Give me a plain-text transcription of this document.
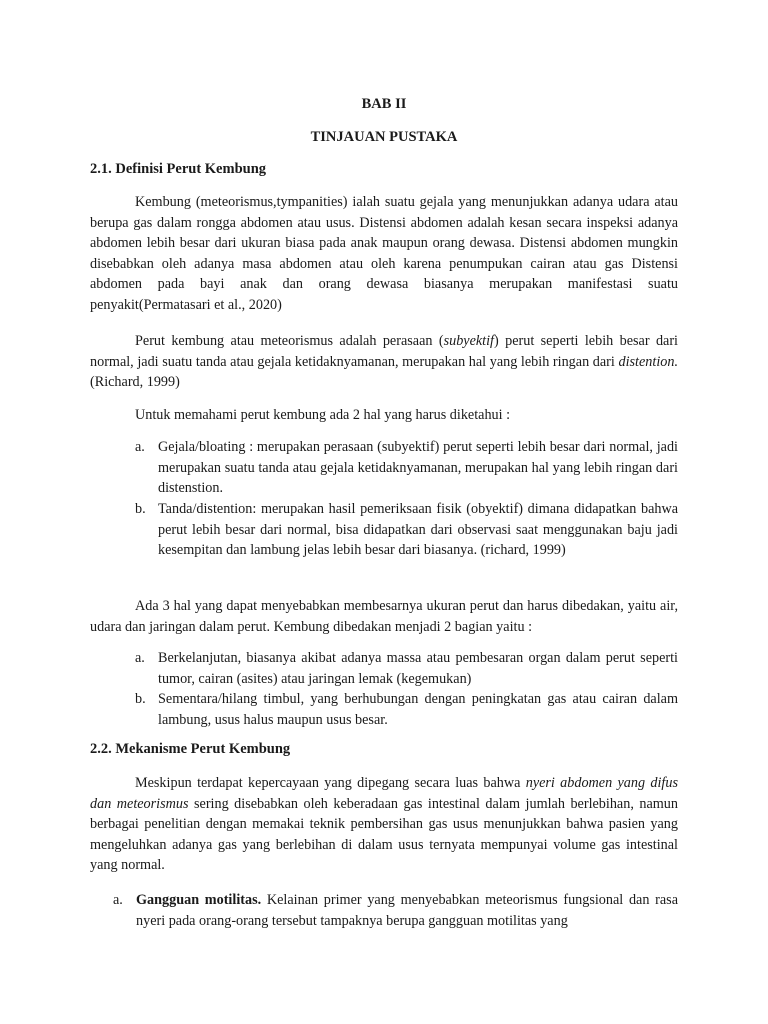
BAB II
TINJAUAN PUSTAKA
2.1. Definisi Perut Kembung

Kembung (meteorismus,tympanities) ialah suatu gejala yang menunjukkan adanya udara atau berupa gas dalam rongga abdomen atau usus. Distensi abdomen adalah kesan secara inspeksi adanya abdomen lebih besar dari ukuran biasa pada anak maupun orang dewasa. Distensi abdomen mungkin disebabkan oleh adanya masa abdomen atau oleh karena penumpukan cairan atau gas Distensi abdomen pada bayi anak dan orang dewasa biasanya merupakan manifestasi suatu penyakit(Permatasari et al., 2020)

Perut kembung atau meteorismus adalah perasaan (subyektif) perut seperti lebih besar dari normal, jadi suatu tanda atau gejala ketidaknyamanan, merupakan hal yang lebih ringan dari distention. (Richard, 1999)

Untuk memahami perut kembung ada 2 hal yang harus diketahui :

a. Gejala/bloating : merupakan perasaan (subyektif) perut seperti lebih besar dari normal, jadi merupakan suatu tanda atau gejala ketidaknyamanan, merupakan hal yang lebih ringan dari distenstion.
b. Tanda/distention: merupakan hasil pemeriksaan fisik (obyektif) dimana didapatkan bahwa perut lebih besar dari normal, bisa didapatkan dari observasi saat menggunakan baju jadi kesempitan dan lambung jelas lebih besar dari biasanya. (richard, 1999)

Ada 3 hal yang dapat menyebabkan membesarnya ukuran perut dan harus dibedakan, yaitu air, udara dan jaringan dalam perut. Kembung dibedakan menjadi 2 bagian yaitu :

a. Berkelanjutan, biasanya akibat adanya massa atau pembesaran organ dalam perut seperti tumor, cairan (asites) atau jaringan lemak (kegemukan)
b. Sementara/hilang timbul, yang berhubungan dengan peningkatan gas atau cairan dalam lambung, usus halus maupun usus besar.
2.2. Mekanisme Perut Kembung

Meskipun terdapat kepercayaan yang dipegang secara luas bahwa nyeri abdomen yang difus dan meteorismus sering disebabkan oleh keberadaan gas intestinal dalam jumlah berlebihan, namun berbagai penelitian dengan memakai teknik pembersihan gas usus menunjukkan bahwa pasien yang mengeluhkan adanya gas yang berlebihan di dalam usus ternyata mempunyai volume gas intestinal yang normal.

a. Gangguan motilitas. Kelainan primer yang menyebabkan meteorismus fungsional dan rasa nyeri pada orang-orang tersebut tampaknya berupa gangguan motilitas yang
